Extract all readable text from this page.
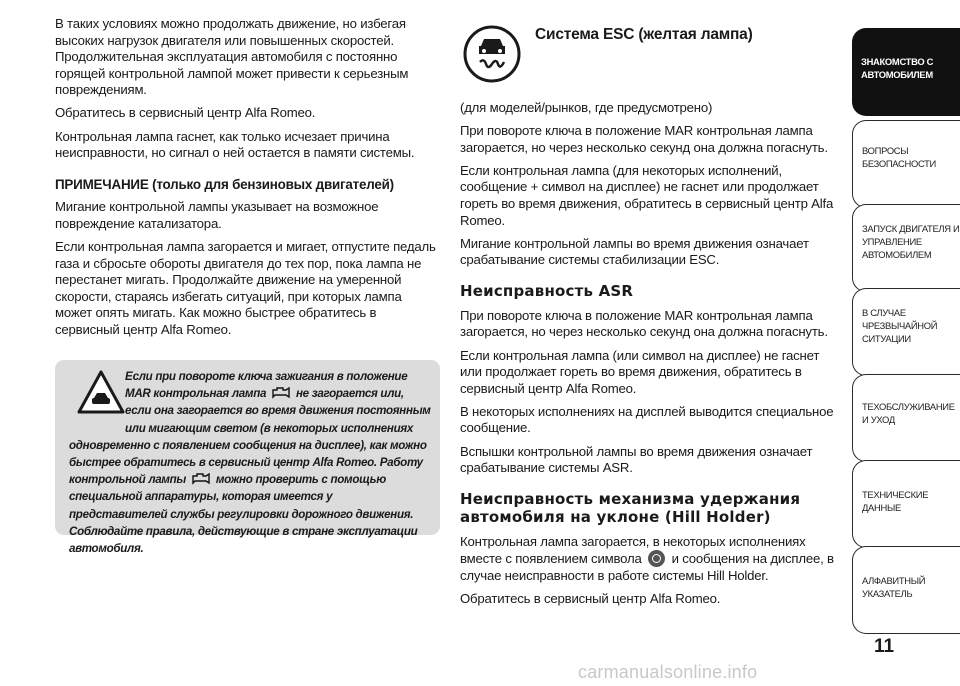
В таких условиях можно продолжать движение, но избегая высоких нагрузок двигателя или повышенных скоростей. Продолжительная эксплуатация автомобиля с постоянно горящей контрольной лампой может привести к серьезным повреждениям.

Обратитесь в сервисный центр Alfa Romeo.

Контрольная лампа гаснет, как только исчезает причина неисправности, но сигнал о ней остается в памяти системы.

ПРИМЕЧАНИЕ (только для бензиновых двигателей)

Мигание контрольной лампы указывает на возможное повреждение катализатора.

Если контрольная лампа загорается и мигает, отпустите педаль газа и сбросьте обороты двигателя до тех пор, пока лампа не перестанет мигать. Продолжайте движение на умеренной скорости, стараясь избегать ситуаций, при которых лампа может опять мигать. Как можно быстрее обратитесь в сервисный центр Alfa Romeo.

Если при повороте ключа зажигания в положение MAR контрольная лампа	не загорается или, если она загорается во время движения постоянным или мигающим светом (в некоторых исполнениях одновременно с появлением сообщения на дисплее), как можно быстрее обратитесь в сервисный центр Alfa Romeo. Работу контрольной лампы	можно проверить с помощью специальной аппаратуры, которая имеется у представителей службы регулировки дорожного движения. Соблюдайте правила, действующие в стране эксплуатации автомобиля.
Система ESC (желтая лампа)

(для моделей/рынков, где предусмотрено)

При повороте ключа в положение MAR контрольная лампа загорается, но через несколько секунд она должна погаснуть.

Если контрольная лампа (для некоторых исполнений, сообщение + символ на дисплее) не гаснет или продолжает гореть во время движения, обратитесь в сервисный центр Alfa Romeo.

Мигание контрольной лампы во время движения означает срабатывание системы стабилизации ESC.

Неисправность ASR

При повороте ключа в положение MAR контрольная лампа загорается, но через несколько секунд она должна погаснуть.

Если контрольная лампа (или символ на дисплее) не гаснет или продолжает гореть во время движения, обратитесь в сервисный центр Alfa Romeo.

В некоторых исполнениях на дисплей выводится специальное сообщение.

Вспышки контрольной лампы во время движения означает срабатывание системы ASR.

Неисправность механизма удержания автомобиля на уклоне (Hill Holder)

Контрольная лампа загорается, в некоторых исполнениях вместе с появлением символа и сообщения на дисплее, в случае неисправности в работе системы Hill Holder.

Обратитесь в сервисный центр Alfa Romeo.

ЗНАКОМСТВО С
АВТОМОБИЛЕМ
ВОПРОСЫ
БЕЗОПАСНОСТИ
ЗАПУСК ДВИГАТЕЛЯ И
УПРАВЛЕНИЕ
АВТОМОБИЛЕМ
В СЛУЧАЕ
ЧРЕЗВЫЧАЙНОЙ
СИТУАЦИИ
ТЕХОБСЛУЖИВАНИЕ
И УХОД
ТЕХНИЧЕСКИЕ
ДАННЫЕ
АЛФАВИТНЫЙ
УКАЗАТЕЛЬ
11
carmanualsonline.info
